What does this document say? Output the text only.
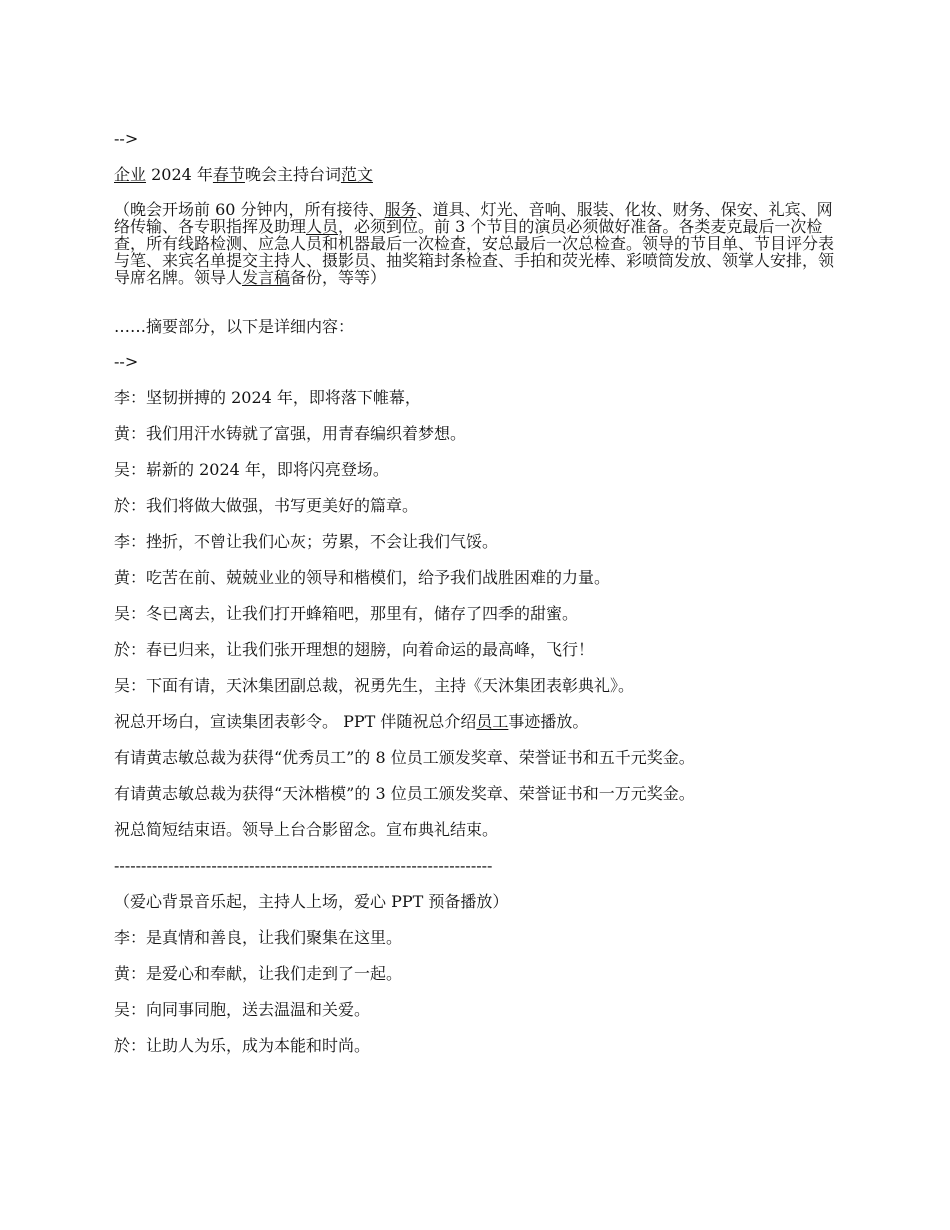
-->

企业 2024 年春节晚会主持台词范文

（晚会开场前 60 分钟内，所有接待、服务、道具、灯光、音响、服装、化妆、财务、保安、礼宾、网络传输、各专职指挥及助理人员，必须到位。前 3 个节目的演员必须做好准备。各类麦克最后一次检查，所有线路检测、应急人员和机器最后一次检查，安总最后一次总检查。领导的节目单、节目评分表与笔、来宾名单提交主持人、摄影员、抽奖箱封条检查、手拍和荧光棒、彩喷筒发放、领掌人安排，领导席名牌。领导人发言稿备份，等等）

……摘要部分，以下是详细内容：

-->

李：坚韧拼搏的 2024 年，即将落下帷幕，

黄：我们用汗水铸就了富强，用青春编织着梦想。

吴：崭新的 2024 年，即将闪亮登场。

於：我们将做大做强，书写更美好的篇章。

李：挫折，不曾让我们心灰；劳累，不会让我们气馁。

黄：吃苦在前、兢兢业业的领导和楷模们，给予我们战胜困难的力量。

吴：冬已离去，让我们打开蜂箱吧，那里有，储存了四季的甜蜜。

於：春已归来，让我们张开理想的翅膀，向着命运的最高峰，飞行！

吴：下面有请，天沐集团副总裁，祝勇先生，主持《天沐集团表彰典礼》。

祝总开场白，宣读集团表彰令。 PPT 伴随祝总介绍员工事迹播放。

有请黄志敏总裁为获得“优秀员工”的 8 位员工颁发奖章、荣誉证书和五千元奖金。

有请黄志敏总裁为获得“天沐楷模”的 3 位员工颁发奖章、荣誉证书和一万元奖金。

祝总简短结束语。领导上台合影留念。宣布典礼结束。

----------------------------------------------------------------------

（爱心背景音乐起，主持人上场，爱心 PPT 预备播放）

李：是真情和善良，让我们聚集在这里。

黄：是爱心和奉献，让我们走到了一起。

吴：向同事同胞，送去温温和关爱。

於：让助人为乐，成为本能和时尚。
